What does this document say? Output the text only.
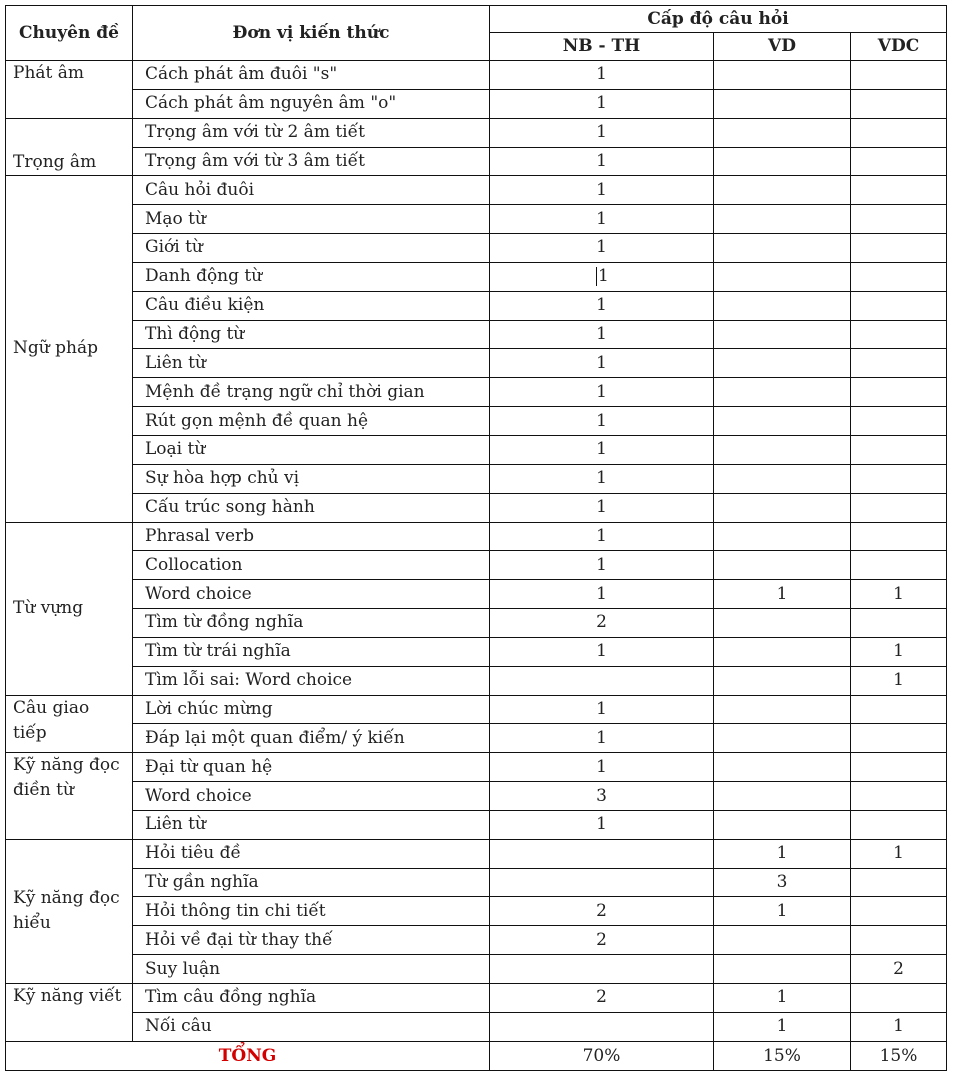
Chuyên đề	Đơn vị kiến thức	Cấp độ câu hỏi		
		NB - TH	VD	VDC
Phát âm	Cách phát âm đuôi "s"	1		
	Cách phát âm nguyên âm "o"	1		
Trọng âm	Trọng âm với từ 2 âm tiết	1		
	Trọng âm với từ 3 âm tiết	1		
Ngữ pháp	Câu hỏi đuôi	1		
	Mạo từ	1		
	Giới từ	1		
	Danh động từ	1		
	Câu điều kiện	1		
	Thì động từ	1		
	Liên từ	1		
	Mệnh đề trạng ngữ chỉ thời gian	1		
	Rút gọn mệnh đề quan hệ	1		
	Loại từ	1		
	Sự hòa hợp chủ vị	1		
	Cấu trúc song hành	1		
Từ vựng	Phrasal verb	1		
	Collocation	1		
	Word choice	1	1	1
	Tìm từ đồng nghĩa	2		
	Tìm từ trái nghĩa	1		1
	Tìm lỗi sai: Word choice			1
Câu giao tiếp	Lời chúc mừng	1		
	Đáp lại một quan điểm/ ý kiến	1		
Kỹ năng đọc điền từ	Đại từ quan hệ	1		
	Word choice	3		
	Liên từ	1		
Kỹ năng đọc hiểu	Hỏi tiêu đề		1	1
	Từ gần nghĩa		3	
	Hỏi thông tin chi tiết	2	1	
	Hỏi về đại từ thay thế	2		
	Suy luận			2
Kỹ năng viết	Tìm câu đồng nghĩa	2	1	
	Nối câu		1	1
TỔNG		70%	15%	15%
